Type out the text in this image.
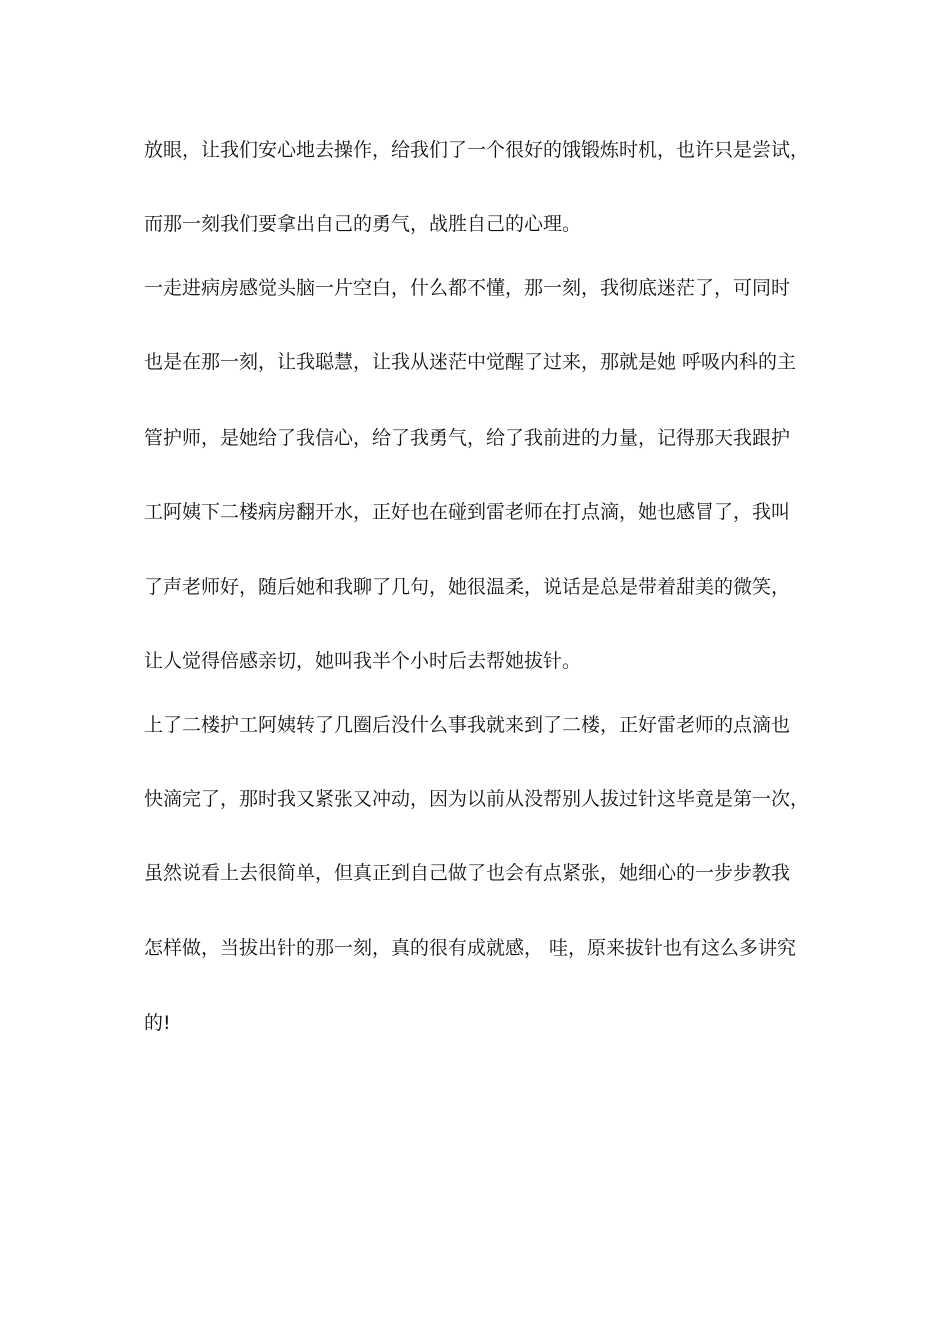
放眼，让我们安心地去操作，给我们了一个很好的饿锻炼时机，也许只是尝试，
而那一刻我们要拿出自己的勇气，战胜自己的心理。
一走进病房感觉头脑一片空白，什么都不懂，那一刻，我彻底迷茫了，可同时
也是在那一刻，让我聪慧，让我从迷茫中觉醒了过来，那就是她 呼吸内科的主
管护师，是她给了我信心，给了我勇气，给了我前进的力量，记得那天我跟护
工阿姨下二楼病房翻开水，正好也在碰到雷老师在打点滴，她也感冒了，我叫
了声老师好，随后她和我聊了几句，她很温柔，说话是总是带着甜美的微笑，
让人觉得倍感亲切，她叫我半个小时后去帮她拔针。
上了二楼护工阿姨转了几圈后没什么事我就来到了二楼，正好雷老师的点滴也
快滴完了，那时我又紧张又冲动，因为以前从没帮别人拔过针这毕竟是第一次，
虽然说看上去很简单，但真正到自己做了也会有点紧张，她细心的一步步教我
怎样做，当拔出针的那一刻，真的很有成就感， 哇，原来拔针也有这么多讲究
的!
